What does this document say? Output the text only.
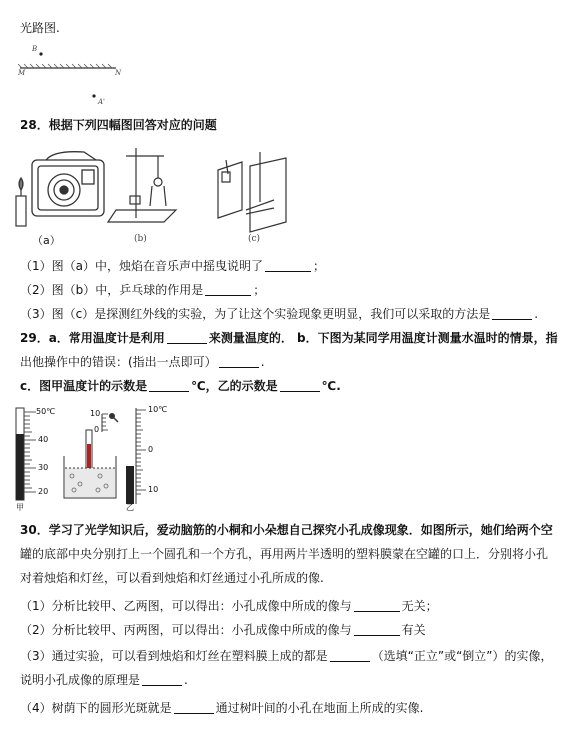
光路图.
B
M	N
A'
28．根据下列四幅图回答对应的问题
（a）	(b)	(c)
（1）图（a）中，烛焰在音乐声中摇曳说明了	；
（2）图（b）中，乒乓球的作用是	；
（3）图（c）是探测红外线的实验，为了让这个实验现象更明显，我们可以采取的方法是	.
29．a．常用温度计是利用	来测量温度的． b．下图为某同学用温度计测量水温时的情景，指
出他操作中的错误：(指出一点即可）	.
c．图甲温度计的示数是	℃，乙的示数是	℃.
50℃
40
30
20
甲
10
0
10℃
0
10
乙
30．学习了光学知识后，爱动脑筋的小桐和小朵想自己探究小孔成像现象．如图所示，她们给两个空
罐的底部中央分别打上一个圆孔和一个方孔，再用两片半透明的塑料膜蒙在空罐的口上．分别将小孔
对着烛焰和灯丝，可以看到烛焰和灯丝通过小孔所成的像.
（1）分析比较甲、乙两图，可以得出：小孔成像中所成的像与	无关；
（2）分析比较甲、丙两图，可以得出：小孔成像中所成的像与	有关
（3）通过实验，可以看到烛焰和灯丝在塑料膜上成的都是	（选填“正立”或“倒立”）的实像，
说明小孔成像的原理是	.
（4）树荫下的圆形光斑就是	通过树叶间的小孔在地面上所成的实像.
